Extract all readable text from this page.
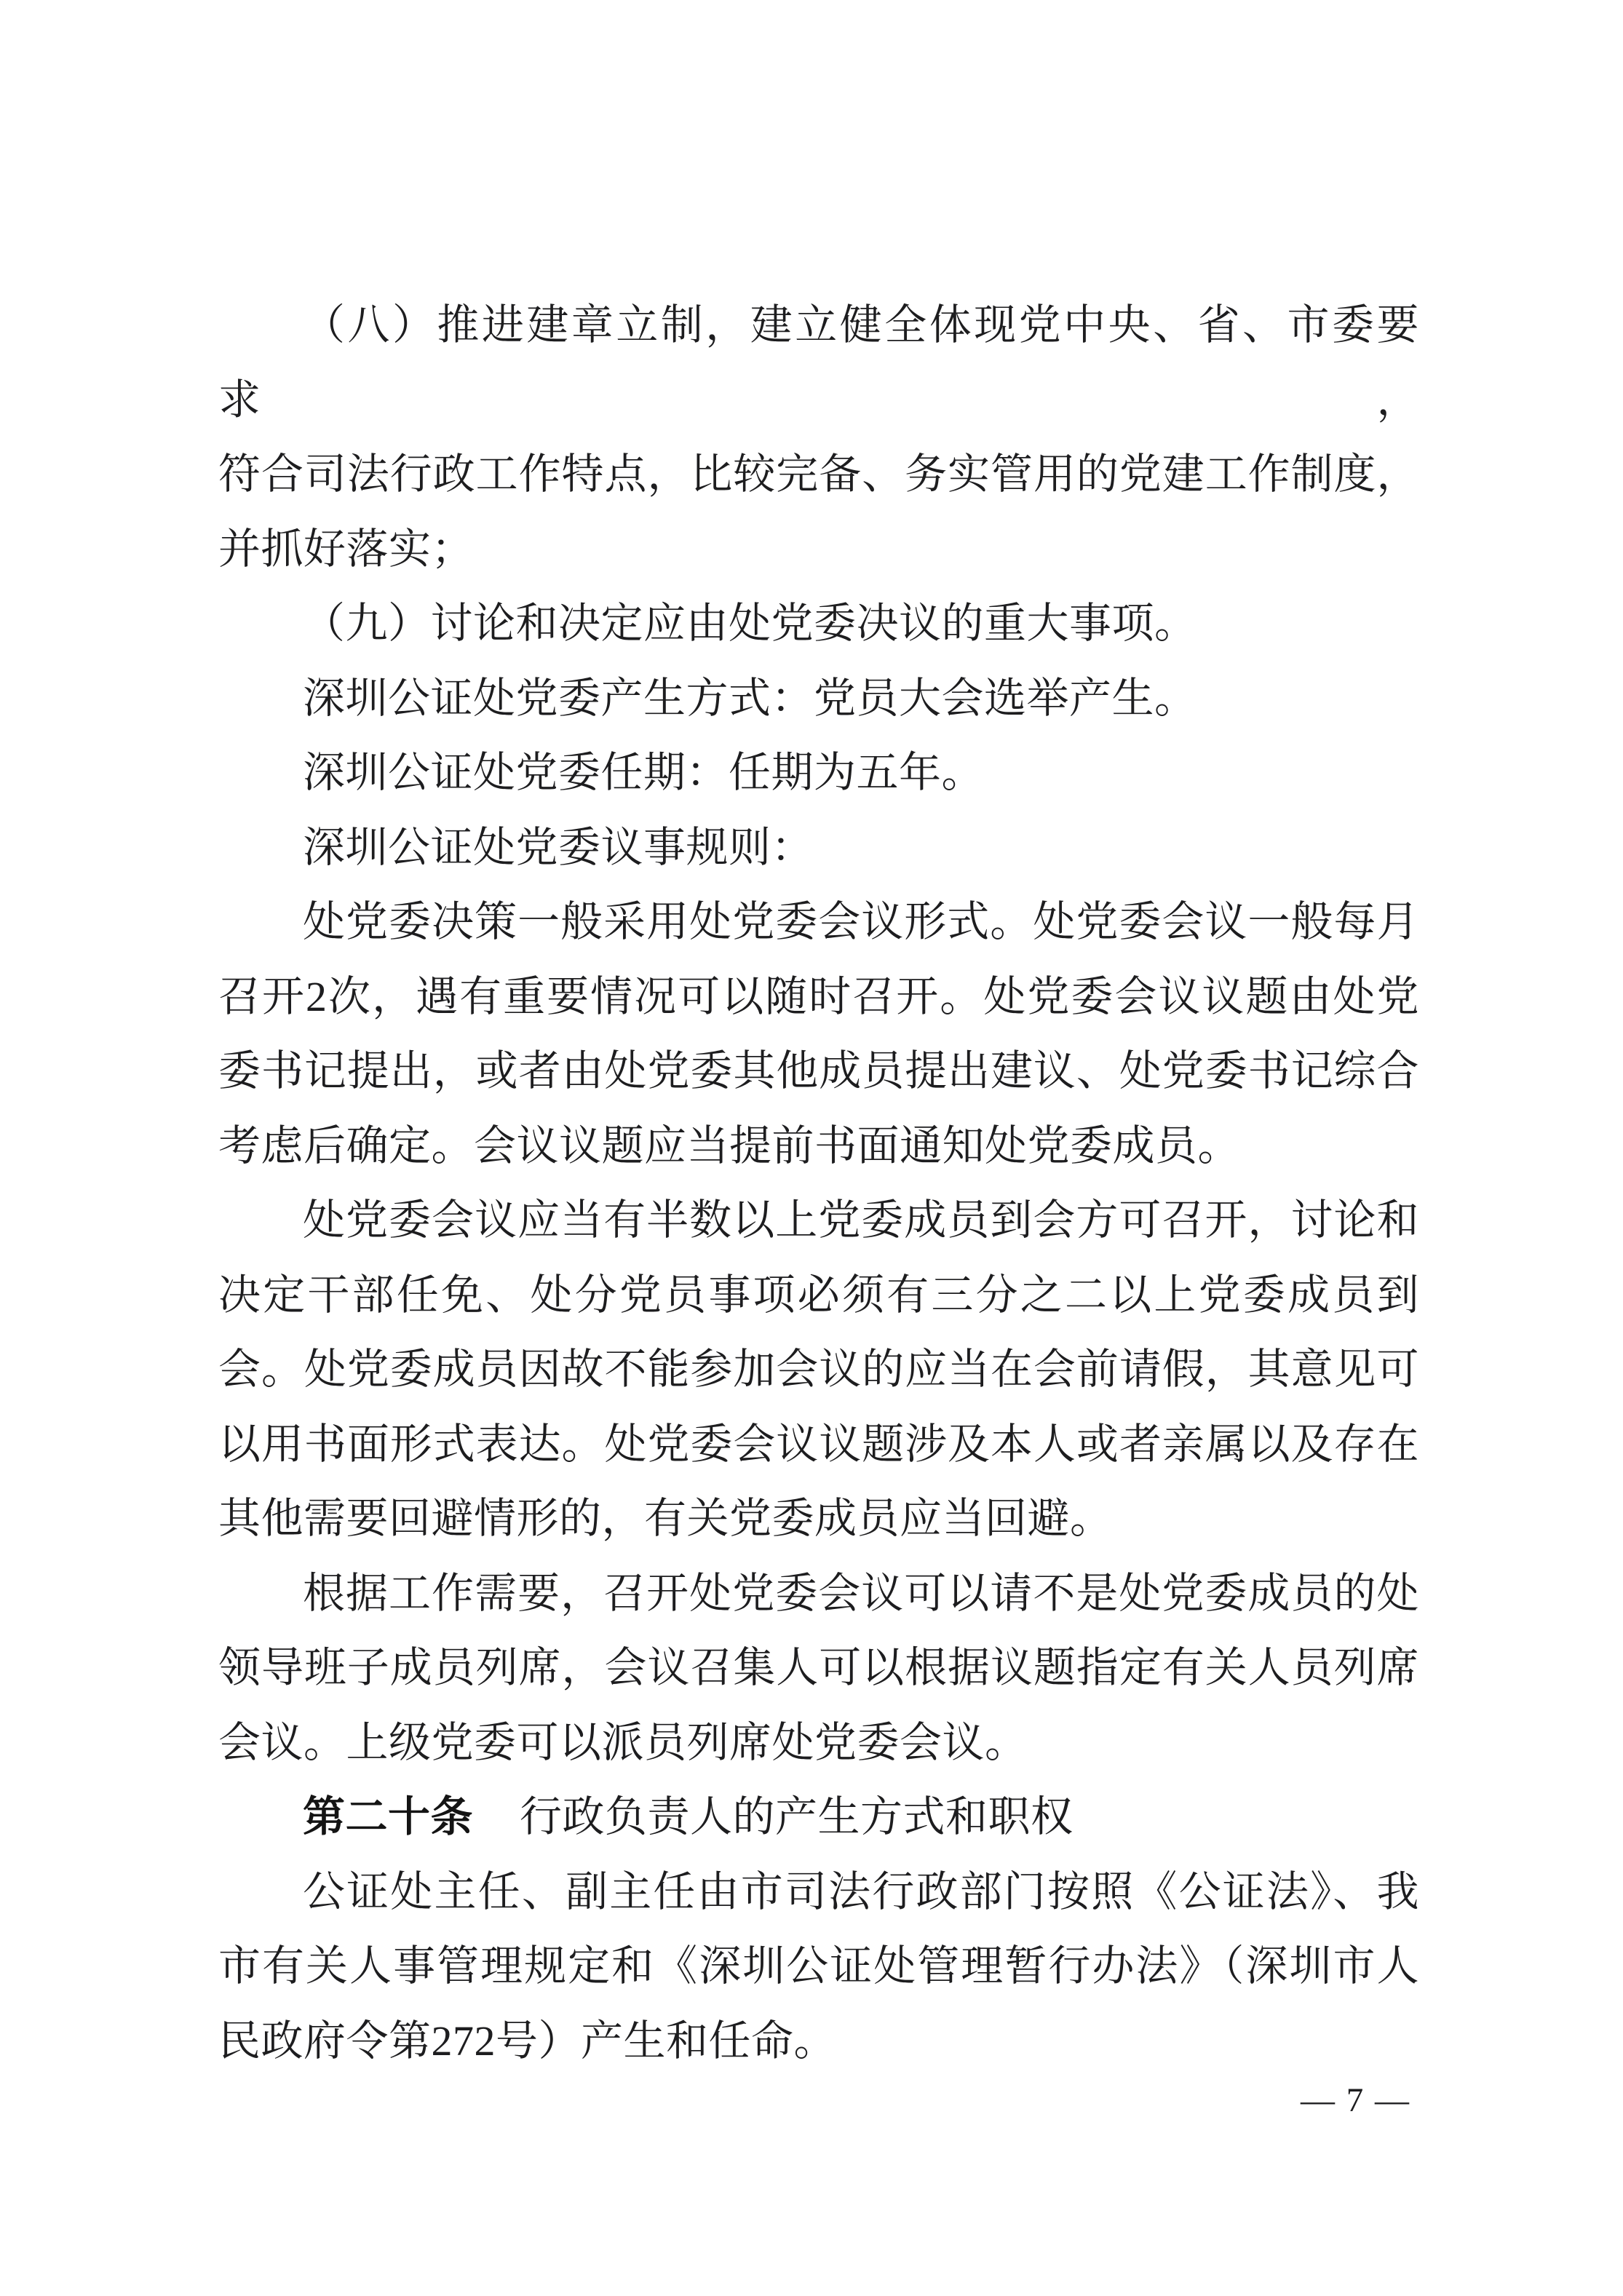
（八）推进建章立制，建立健全体现党中央、省、市委要求，
符合司法行政工作特点，比较完备、务实管用的党建工作制度，
并抓好落实；
（九）讨论和决定应由处党委决议的重大事项。
深圳公证处党委产生方式：党员大会选举产生。
深圳公证处党委任期：任期为五年。
深圳公证处党委议事规则：
处党委决策一般采用处党委会议形式。处党委会议一般每月
召开2次，遇有重要情况可以随时召开。处党委会议议题由处党
委书记提出，或者由处党委其他成员提出建议、处党委书记综合
考虑后确定。会议议题应当提前书面通知处党委成员。
处党委会议应当有半数以上党委成员到会方可召开，讨论和
决定干部任免、处分党员事项必须有三分之二以上党委成员到
会。处党委成员因故不能参加会议的应当在会前请假，其意见可
以用书面形式表达。处党委会议议题涉及本人或者亲属以及存在
其他需要回避情形的，有关党委成员应当回避。
根据工作需要，召开处党委会议可以请不是处党委成员的处
领导班子成员列席，会议召集人可以根据议题指定有关人员列席
会议。上级党委可以派员列席处党委会议。
第二十条 行政负责人的产生方式和职权
公证处主任、副主任由市司法行政部门按照《公证法》、我
市有关人事管理规定和《深圳公证处管理暂行办法》（深圳市人
民政府令第272号）产生和任命。
— 7 —
